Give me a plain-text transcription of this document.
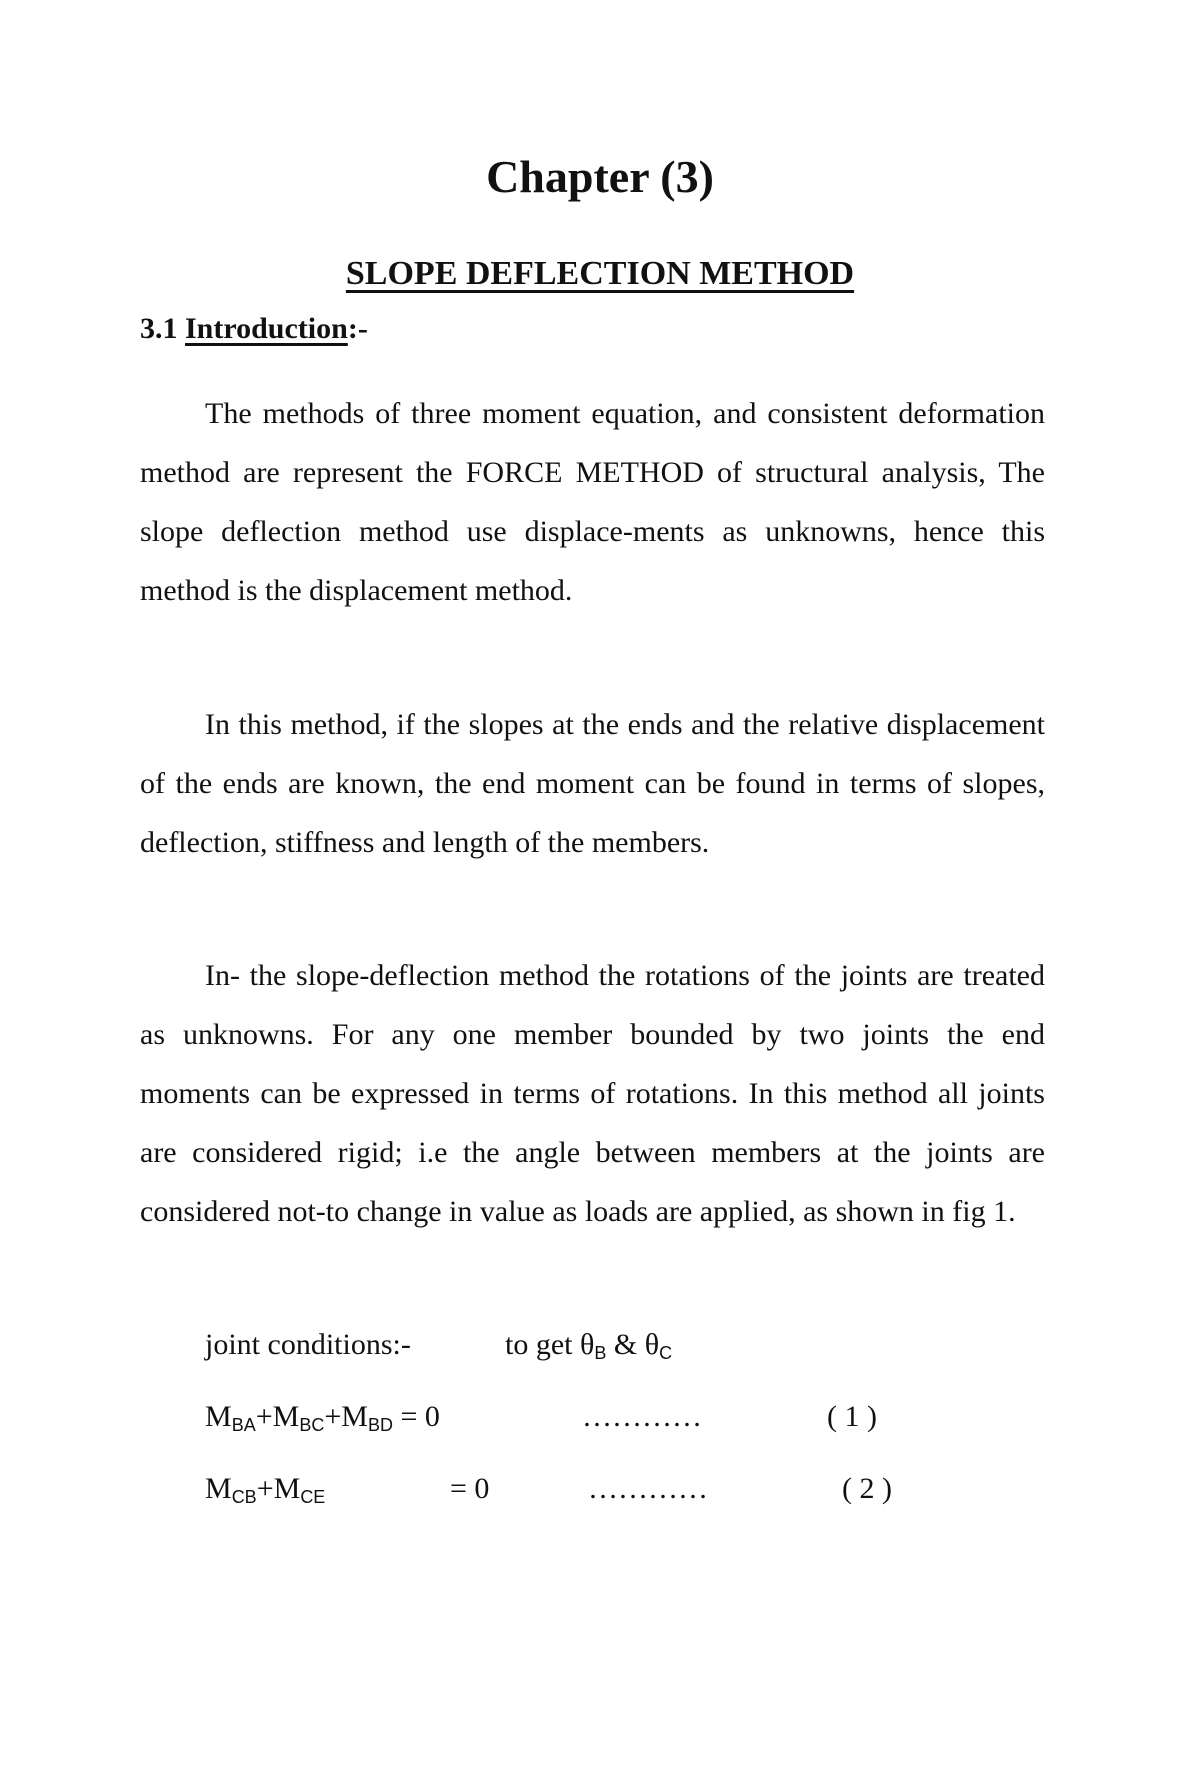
Chapter (3)
SLOPE DEFLECTION METHOD
3.1 Introduction:-

The methods of three moment equation, and consistent deformation method are represent the FORCE METHOD of structural analysis, The slope deflection method use displace-ments as unknowns, hence this method is the displacement method.

In this method, if the slopes at the ends and the relative displacement of the ends are known, the end moment can be found in terms of slopes, deflection, stiffness and length of the members.

In- the slope-deflection method the rotations of the joints are treated as unknowns. For any one member bounded by two joints the end moments can be expressed in terms of rotations. In this method all joints are considered rigid; i.e the angle between members at the joints are considered not-to change in value as loads are applied, as shown in fig 1.

joint conditions:-	to get $\theta_B$ & $\theta_C$
$M_{BA}+M_{BC}+M_{BD} = 0$	…………	( 1 )
$M_{CB}+M_{CE}$	= 0	…………	( 2 )
